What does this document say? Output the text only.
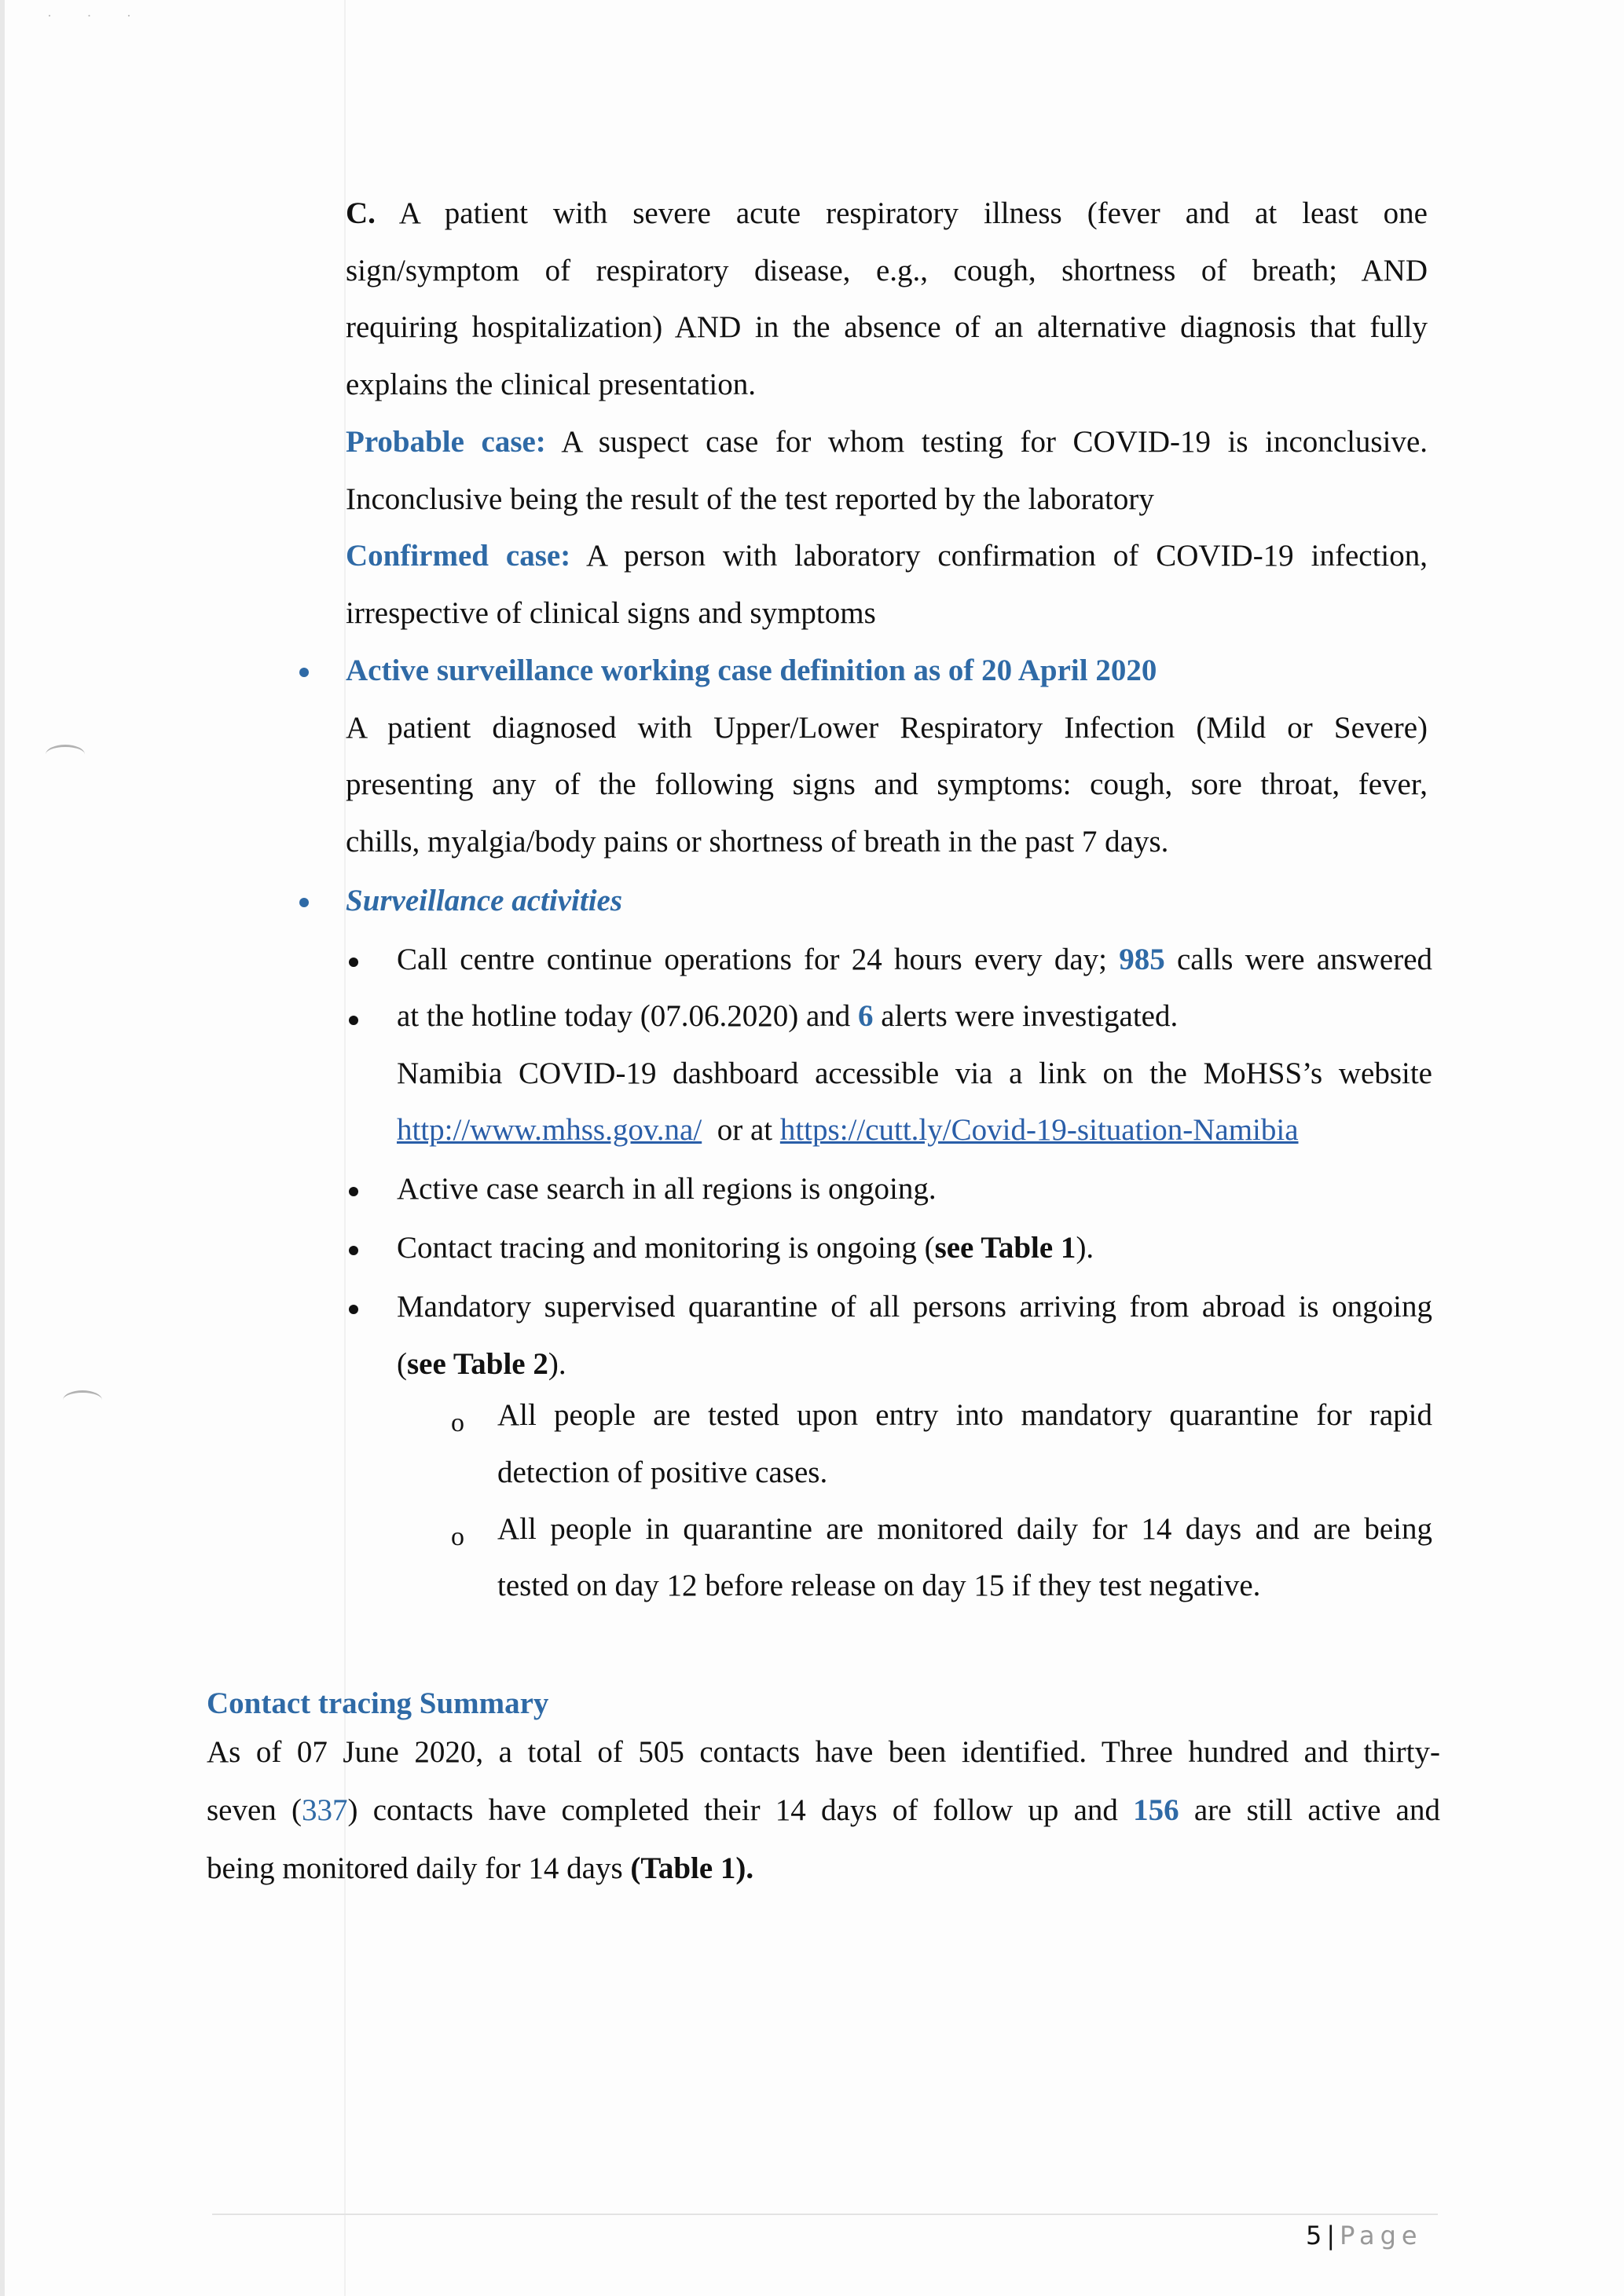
· · ·
C. A patient with severe acute respiratory illness (fever and at least one
sign/symptom of respiratory disease, e.g., cough, shortness of breath; AND
requiring hospitalization) AND in the absence of an alternative diagnosis that fully
explains the clinical presentation.
Probable case: A suspect case for whom testing for COVID-19 is inconclusive.
Inconclusive being the result of the test reported by the laboratory
Confirmed case: A person with laboratory confirmation of COVID-19 infection,
irrespective of clinical signs and symptoms
Active surveillance working case definition as of 20 April 2020
A patient diagnosed with Upper/Lower Respiratory Infection (Mild or Severe)
presenting any of the following signs and symptoms: cough, sore throat, fever,
chills, myalgia/body pains or shortness of breath in the past 7 days.
Surveillance activities
Call centre continue operations for 24 hours every day; 985 calls were answered
at the hotline today (07.06.2020) and 6 alerts were investigated.
Namibia COVID-19 dashboard accessible via a link on the MoHSS’s website
http://www.mhss.gov.na/ or at https://cutt.ly/Covid-19-situation-Namibia
Active case search in all regions is ongoing.
Contact tracing and monitoring is ongoing (see Table 1).
Mandatory supervised quarantine of all persons arriving from abroad is ongoing
(see Table 2).
o All people are tested upon entry into mandatory quarantine for rapid
detection of positive cases.
o All people in quarantine are monitored daily for 14 days and are being
tested on day 12 before release on day 15 if they test negative.
Contact tracing Summary
As of 07 June 2020, a total of 505 contacts have been identified. Three hundred and thirty-
seven (337) contacts have completed their 14 days of follow up and 156 are still active and
being monitored daily for 14 days (Table 1).
5 | Page
